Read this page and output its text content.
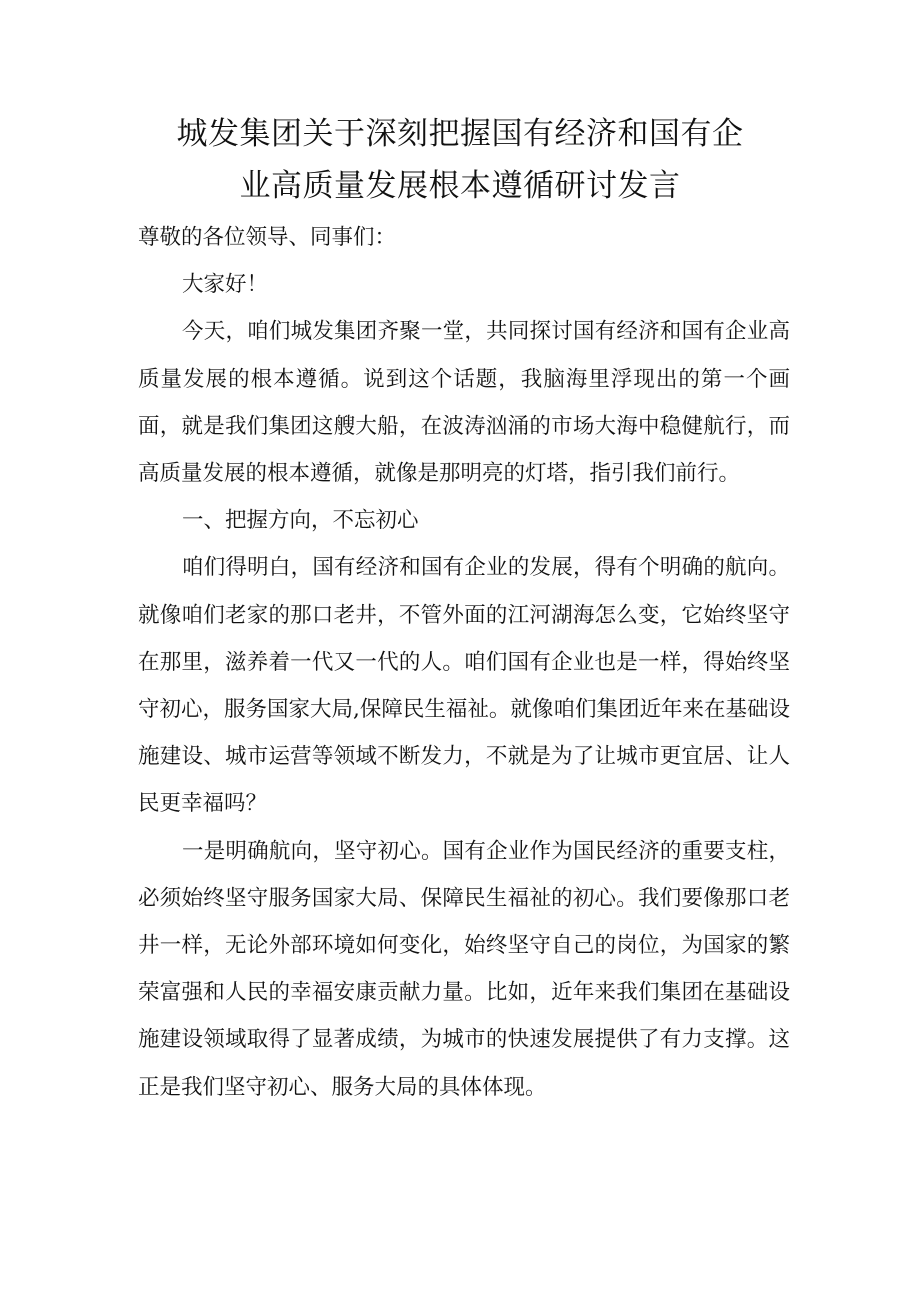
城发集团关于深刻把握国有经济和国有企
业高质量发展根本遵循研讨发言

尊敬的各位领导、同事们：

大家好！

今天，咱们城发集团齐聚一堂，共同探讨国有经济和国有企业高质量发展的根本遵循。说到这个话题，我脑海里浮现出的第一个画面，就是我们集团这艘大船，在波涛汹涌的市场大海中稳健航行，而高质量发展的根本遵循，就像是那明亮的灯塔，指引我们前行。

一、把握方向，不忘初心

咱们得明白，国有经济和国有企业的发展，得有个明确的航向。就像咱们老家的那口老井，不管外面的江河湖海怎么变，它始终坚守在那里，滋养着一代又一代的人。咱们国有企业也是一样，得始终坚守初心，服务国家大局,保障民生福祉。就像咱们集团近年来在基础设施建设、城市运营等领域不断发力，不就是为了让城市更宜居、让人民更幸福吗？

一是明确航向，坚守初心。国有企业作为国民经济的重要支柱，必须始终坚守服务国家大局、保障民生福祉的初心。我们要像那口老井一样，无论外部环境如何变化，始终坚守自己的岗位，为国家的繁荣富强和人民的幸福安康贡献力量。比如，近年来我们集团在基础设施建设领域取得了显著成绩，为城市的快速发展提供了有力支撑。这正是我们坚守初心、服务大局的具体体现。
